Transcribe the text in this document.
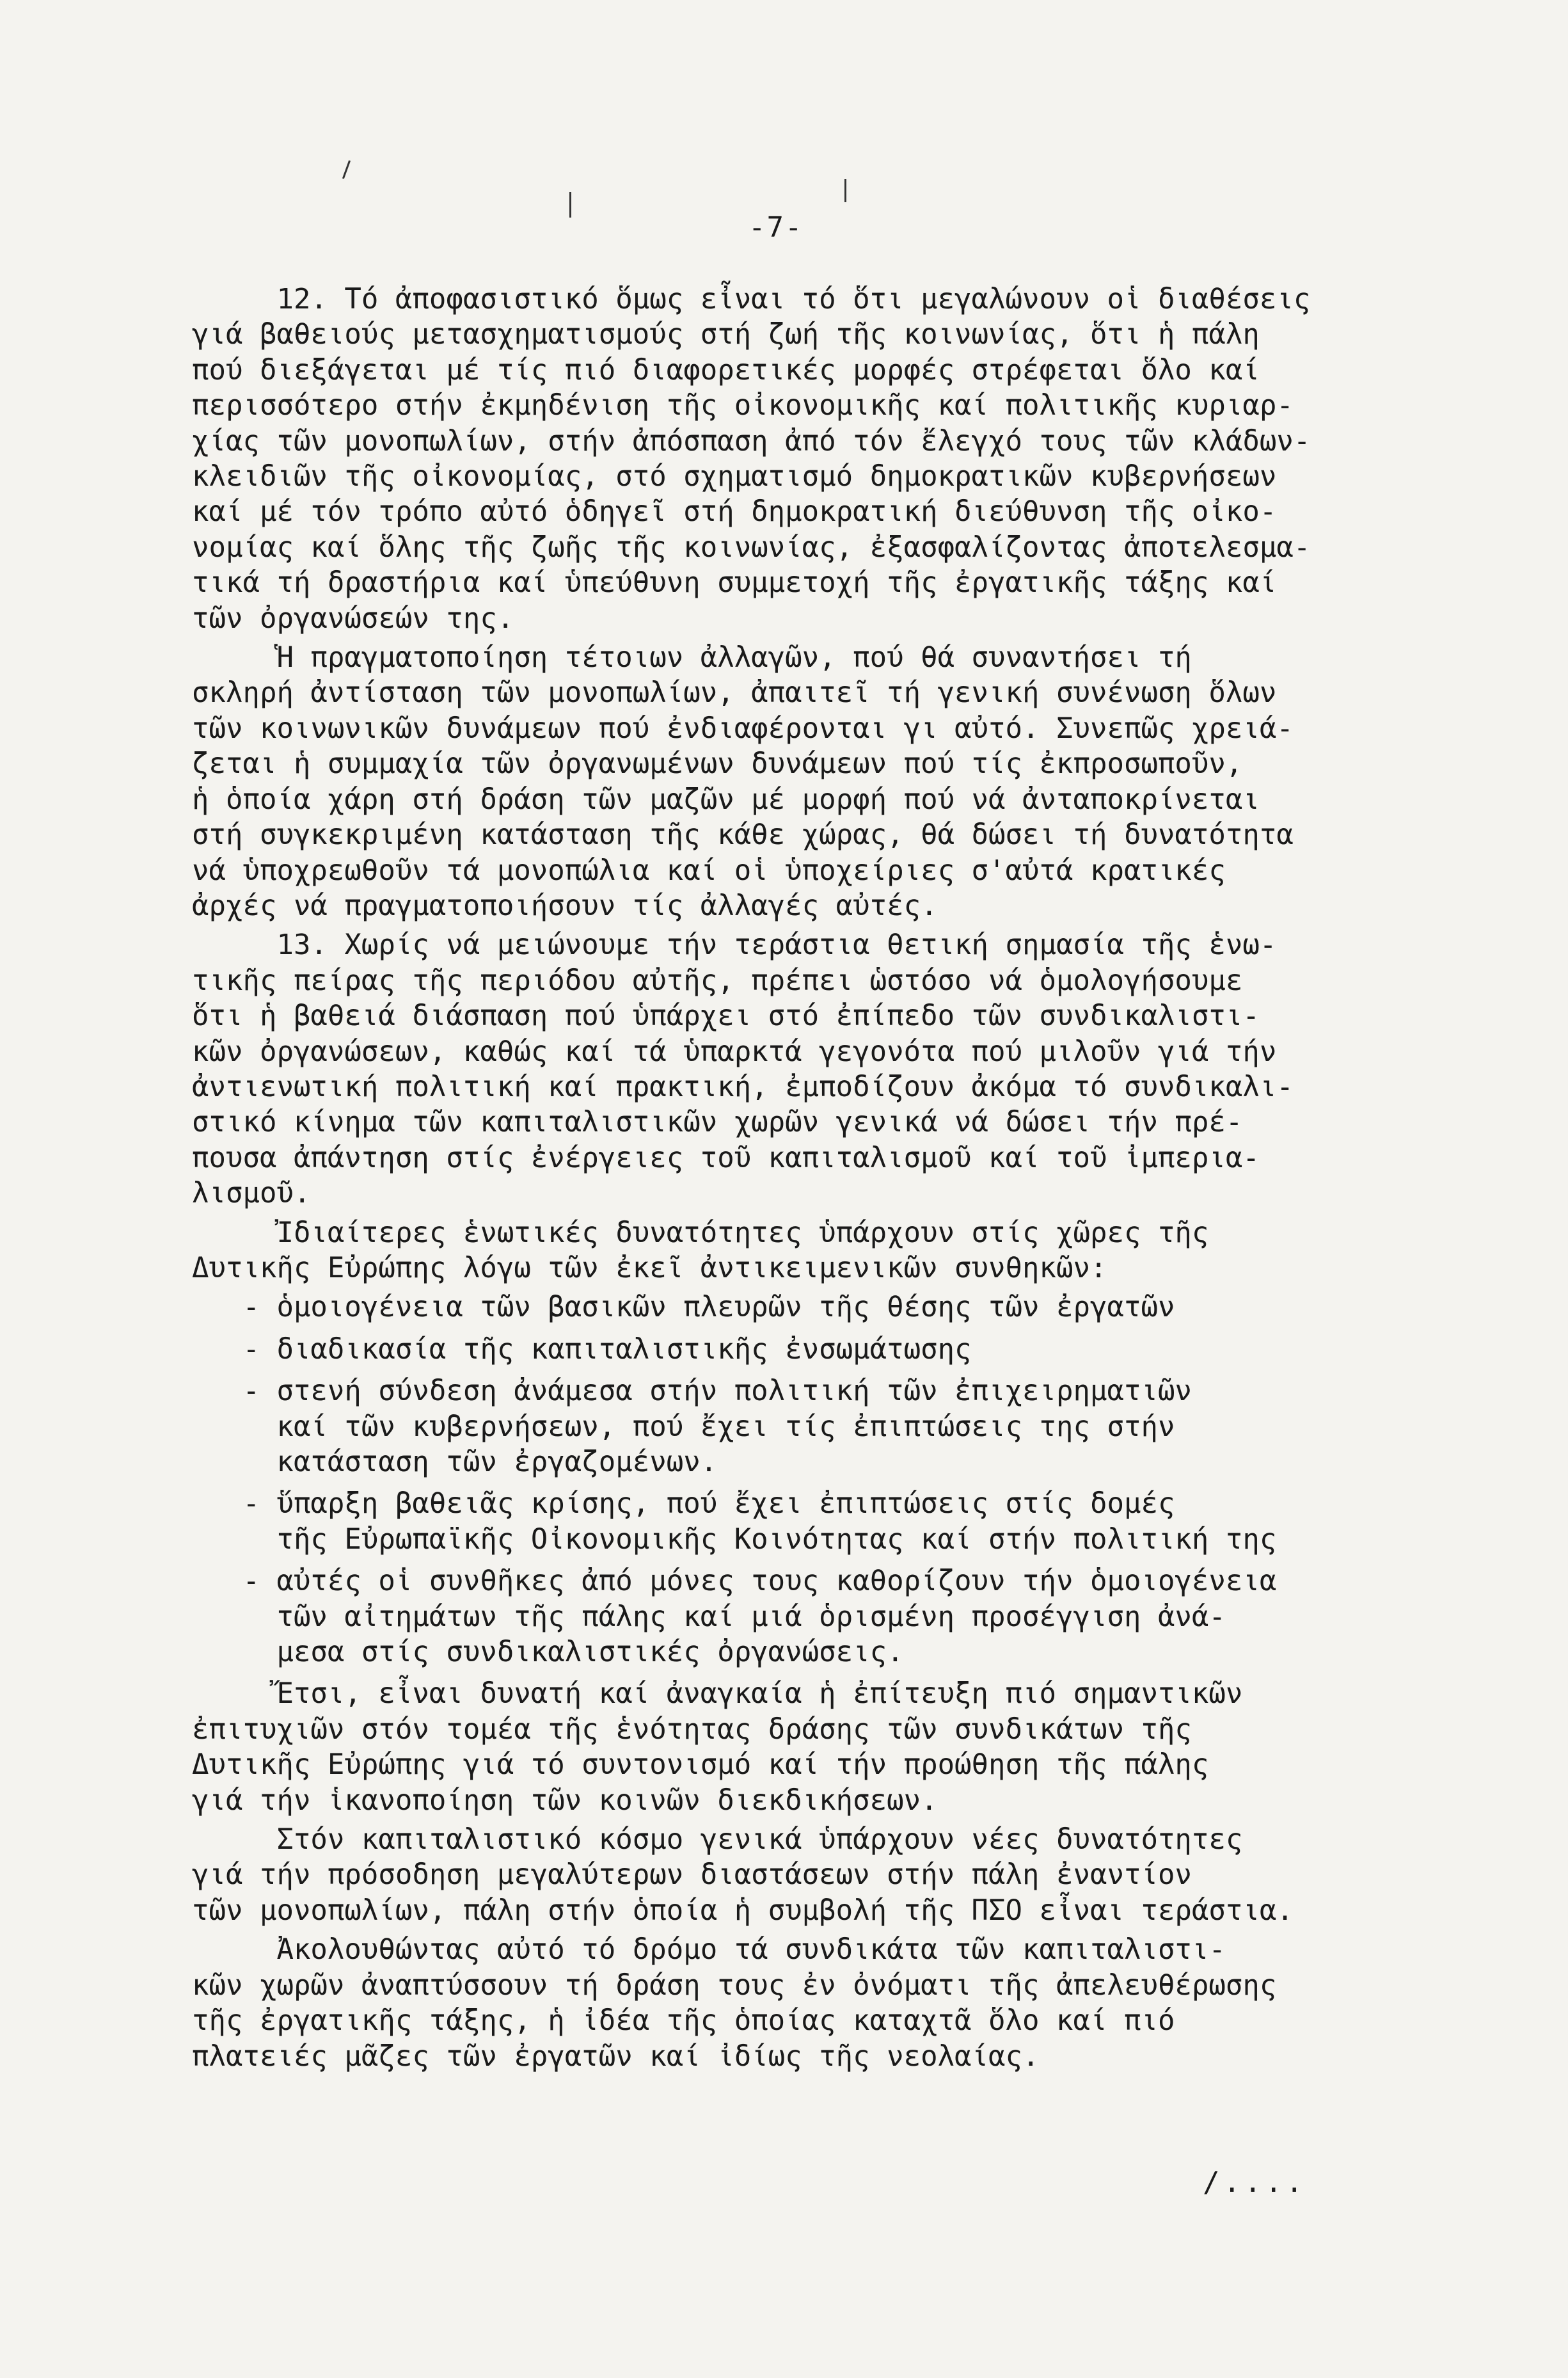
-7-

12. Τό ἀποφασιστικό ὅμως εἶναι τό ὅτι μεγαλώνουν οἱ διαθέσεις
γιά βαθειούς μετασχηματισμούς στή ζωή τῆς κοινωνίας, ὅτι ἡ πάλη
πού διεξάγεται μέ τίς πιό διαφορετικές μορφές στρέφεται ὅλο καί
περισσότερο στήν ἐκμηδένιση τῆς οἰκονομικῆς καί πολιτικῆς κυριαρ-
χίας τῶν μονοπωλίων, στήν ἀπόσπαση ἀπό τόν ἔλεγχό τους τῶν κλάδων-
κλειδιῶν τῆς οἰκονομίας, στό σχηματισμό δημοκρατικῶν κυβερνήσεων
καί μέ τόν τρόπο αὐτό ὁδηγεῖ στή δημοκρατική διεύθυνση τῆς οἰκο-
νομίας καί ὅλης τῆς ζωῆς τῆς κοινωνίας, ἐξασφαλίζοντας ἀποτελεσμα-
τικά τή δραστήρια καί ὑπεύθυνη συμμετοχή τῆς ἐργατικῆς τάξης καί
τῶν ὀργανώσεών της.

Ἡ πραγματοποίηση τέτοιων ἀλλαγῶν, πού θά συναντήσει τή
σκληρή ἀντίσταση τῶν μονοπωλίων, ἀπαιτεῖ τή γενική συνένωση ὅλων
τῶν κοινωνικῶν δυνάμεων πού ἐνδιαφέρονται γι αὐτό. Συνεπῶς χρειά-
ζεται ἡ συμμαχία τῶν ὀργανωμένων δυνάμεων πού τίς ἐκπροσωποῦν,
ἡ ὁποία χάρη στή δράση τῶν μαζῶν μέ μορφή πού νά ἀνταποκρίνεται
στή συγκεκριμένη κατάσταση τῆς κάθε χώρας, θά δώσει τή δυνατότητα
νά ὑποχρεωθοῦν τά μονοπώλια καί οἱ ὑποχείριες σ'αὐτά κρατικές
ἀρχές νά πραγματοποιήσουν τίς ἀλλαγές αὐτές.

13. Χωρίς νά μειώνουμε τήν τεράστια θετική σημασία τῆς ἑνω-
τικῆς πείρας τῆς περιόδου αὐτῆς, πρέπει ὡστόσο νά ὁμολογήσουμε
ὅτι ἡ βαθειά διάσπαση πού ὑπάρχει στό ἐπίπεδο τῶν συνδικαλιστι-
κῶν ὀργανώσεων, καθώς καί τά ὑπαρκτά γεγονότα πού μιλοῦν γιά τήν
ἀντιενωτική πολιτική καί πρακτική, ἐμποδίζουν ἀκόμα τό συνδικαλι-
στικό κίνημα τῶν καπιταλιστικῶν χωρῶν γενικά νά δώσει τήν πρέ-
πουσα ἀπάντηση στίς ἐνέργειες τοῦ καπιταλισμοῦ καί τοῦ ἰμπερια-
λισμοῦ.

Ἰδιαίτερες ἑνωτικές δυνατότητες ὑπάρχουν στίς χῶρες τῆς
Δυτικῆς Εὐρώπης λόγω τῶν ἐκεῖ ἀντικειμενικῶν συνθηκῶν:

- ὁμοιογένεια τῶν βασικῶν πλευρῶν τῆς θέσης τῶν ἐργατῶν
- διαδικασία τῆς καπιταλιστικῆς ἐνσωμάτωσης
- στενή σύνδεση ἀνάμεσα στήν πολιτική τῶν ἐπιχειρηματιῶν
καί τῶν κυβερνήσεων, πού ἔχει τίς ἐπιπτώσεις της στήν
κατάσταση τῶν ἐργαζομένων.
- ὕπαρξη βαθειᾶς κρίσης, πού ἔχει ἐπιπτώσεις στίς δομές
τῆς Εὐρωπαϊκῆς Οἰκονομικῆς Κοινότητας καί στήν πολιτική της
- αὐτές οἱ συνθῆκες ἀπό μόνες τους καθορίζουν τήν ὁμοιογένεια
τῶν αἰτημάτων τῆς πάλης καί μιά ὁρισμένη προσέγγιση ἀνά-
μεσα στίς συνδικαλιστικές ὀργανώσεις.

Ἔτσι, εἶναι δυνατή καί ἀναγκαία ἡ ἐπίτευξη πιό σημαντικῶν
ἐπιτυχιῶν στόν τομέα τῆς ἑνότητας δράσης τῶν συνδικάτων τῆς
Δυτικῆς Εὐρώπης γιά τό συντονισμό καί τήν προώθηση τῆς πάλης
γιά τήν ἱκανοποίηση τῶν κοινῶν διεκδικήσεων.

Στόν καπιταλιστικό κόσμο γενικά ὑπάρχουν νέες δυνατότητες
γιά τήν πρόσοδηση μεγαλύτερων διαστάσεων στήν πάλη ἐναντίον
τῶν μονοπωλίων, πάλη στήν ὁποία ἡ συμβολή τῆς ΠΣΟ εἶναι τεράστια.

Ἀκολουθώντας αὐτό τό δρόμο τά συνδικάτα τῶν καπιταλιστι-
κῶν χωρῶν ἀναπτύσσουν τή δράση τους ἐν ὀνόματι τῆς ἀπελευθέρωσης
τῆς ἐργατικῆς τάξης, ἡ ἰδέα τῆς ὁποίας καταχτᾶ ὅλο καί πιό
πλατειές μᾶζες τῶν ἐργατῶν καί ἰδίως τῆς νεολαίας.

/....
